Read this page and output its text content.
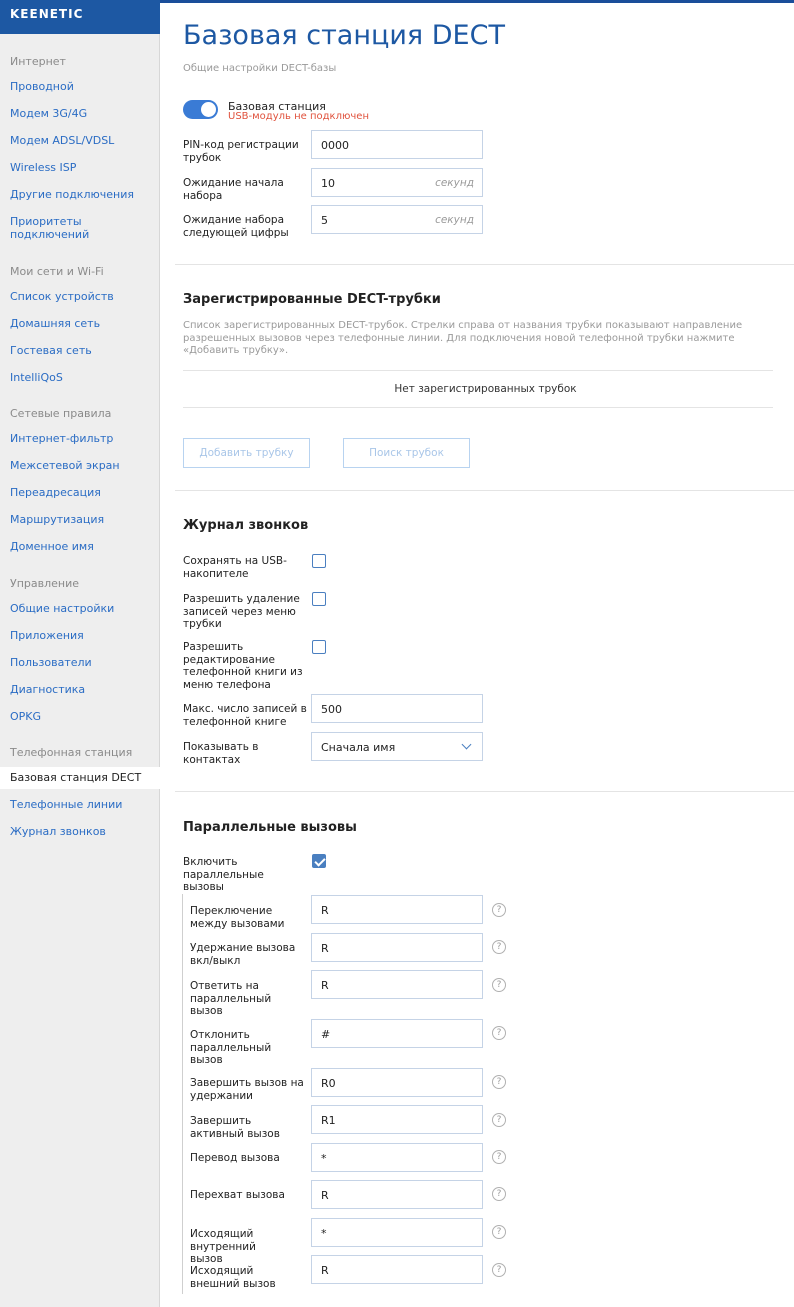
KEENETIC
Интернет
Проводной
Модем 3G/4G
Модем ADSL/VDSL
Wireless ISP
Другие подключения
Приоритеты подключений
Мои сети и Wi-Fi
Список устройств
Домашняя сеть
Гостевая сеть
IntelliQoS
Сетевые правила
Интернет-фильтр
Межсетевой экран
Переадресация
Маршрутизация
Доменное имя
Управление
Общие настройки
Приложения
Пользователи
Диагностика
OPKG
Телефонная станция
Базовая станция DECT
Телефонные линии
Журнал звонков
Базовая станция DECT
Общие настройки DECT-базы
Базовая станция
USB-модуль не подключен
PIN-код регистрации трубок
0000
Ожидание начала набора
10	секунд
Ожидание набора следующей цифры
5	секунд
Зарегистрированные DECT-трубки
Список зарегистрированных DECT-трубок. Стрелки справа от названия трубки показывают направление разрешенных вызовов через телефонные линии. Для подключения новой телефонной трубки нажмите «Добавить трубку».
Нет зарегистрированных трубок
Добавить трубку	Поиск трубок
Журнал звонков
Сохранять на USB-накопителе
Разрешить удаление записей через меню трубки
Разрешить редактирование телефонной книги из меню телефона
Макс. число записей в телефонной книге
500
Показывать в контактах
Сначала имя
Параллельные вызовы
Включить параллельные вызовы
Переключение между вызовами
R	?
Удержание вызова вкл/выкл
R	?
Ответить на параллельный вызов
R	?
Отклонить параллельный вызов
#	?
Завершить вызов на удержании
R0	?
Завершить активный вызов
R1	?
Перевод вызова	*	?
Перехват вызова	R	?
Исходящий внутренний вызов
*	?
Исходящий внешний вызов
R	?
